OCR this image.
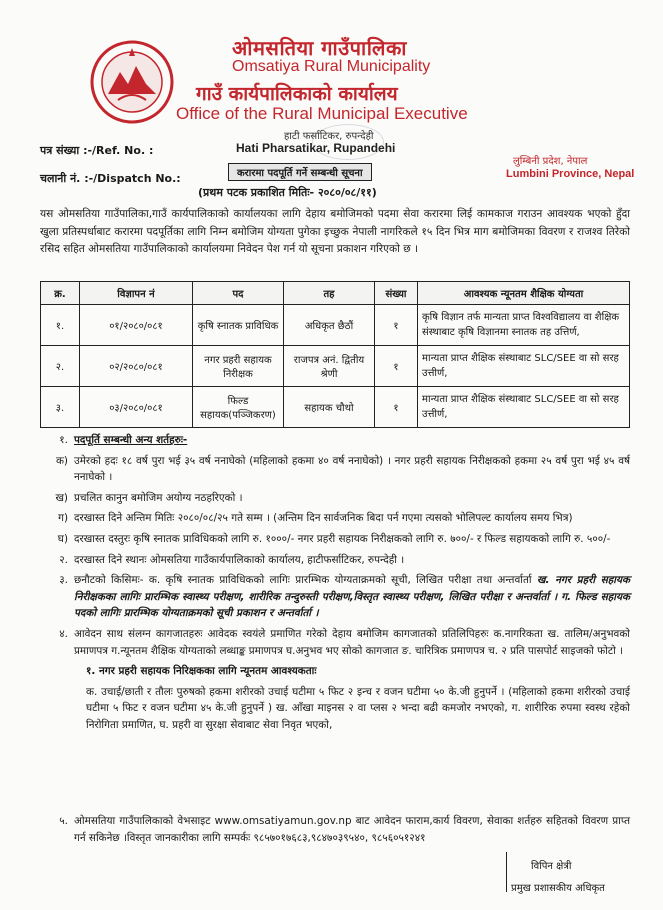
ओमसतिया गाउँपालिका
Omsatiya Rural Municipality
गाउँ कार्यपालिकाको कार्यालय
Office of the Rural Municipal Executive
हाटी फर्साटिकर, रुपन्देही
Hati Pharsatikar, Rupandehi
पत्र संख्या :-/Ref. No. :
चलानी नं. :-/Dispatch No.:
लुम्बिनी प्रदेश, नेपाल
Lumbini Province, Nepal
करारमा पदपूर्ति गर्ने सम्बन्धी सूचना
(प्रथम पटक प्रकाशित मितिः- २०८०/०८/११)
यस ओमसतिया गाउँपालिका,गाउँ कार्यपालिकाको कार्यालयका लागि देहाय बमोजिमको पदमा सेवा करारमा लिई कामकाज गराउन आवश्यक भएको हुँदा खुला प्रतिस्पर्धाबाट करारमा पदपूर्तिका लागि निम्न बमोजिम योग्यता पुगेका इच्छुक नेपाली नागरिकले १५ दिन भित्र माग बमोजिमका विवरण र राजश्व तिरेको रसिद सहित ओमसतिया गाउँपालिकाको कार्यालयमा निवेदन पेश गर्न यो सूचना प्रकाशन गरिएको छ ।
क्र.	विज्ञापन नं	पद	तह	संख्या	आवश्यक न्यूनतम शैक्षिक योग्यता
१.	०१/२०८०/०८१	कृषि स्नातक प्राविधिक	अधिकृत छैठौं	१	कृषि विज्ञान तर्फ मान्यता प्राप्त विश्वविद्यालय वा शैक्षिक संस्थाबाट कृषि विज्ञानमा स्नातक तह उत्तिर्ण,
२.	०२/२०८०/०८१	नगर प्रहरी सहायक निरीक्षक	राजपत्र अनं. द्वितीय श्रेणी	१	मान्यता प्राप्त शैक्षिक संस्थाबाट SLC/SEE वा सो सरह उत्तीर्ण,
३.	०३/२०८०/०८१	फिल्ड सहायक(पञ्जिकरण)	सहायक चौथो	१	मान्यता प्राप्त शैक्षिक संस्थाबाट SLC/SEE वा सो सरह उत्तीर्ण,
१. पदपूर्ति सम्बन्धी अन्य शर्तहरुः-
क) उमेरको हदः १८ वर्ष पुरा भई ३५ वर्ष ननाघेको (महिलाको हकमा ४० वर्ष ननाघेको) । नगर प्रहरी सहायक निरीक्षकको हकमा २५ वर्ष पुरा भई ४५ वर्ष ननाघेको ।
ख) प्रचलित कानुन बमोजिम अयोग्य नठहरिएको ।
ग) दरखास्त दिने अन्तिम मितिः २०८०/०८/२५ गते सम्म । (अन्तिम दिन सार्वजनिक बिदा पर्न गएमा त्यसको भोलिपल्ट कार्यालय समय भित्र)
घ) दरखास्त दस्तुरः कृषि स्नातक प्राविधिकको लागि रु. १०००/- नगर प्रहरी सहायक निरीक्षकको लागि रु. ७००/- र फिल्ड सहायकको लागि रु. ५००/-
२. दरखास्त दिने स्थानः ओमसतिया गाउँकार्यपालिकाको कार्यालय, हाटीफर्साटिकर, रुपन्देही ।
३. छनौटको किसिमः- क. कृषि स्नातक प्राविधिकको लागिः प्रारम्भिक योग्यताक्रमको सूची, लिखित परीक्षा तथा अन्तर्वार्ता ख. नगर प्रहरी सहायक निरीक्षकका लागिः प्रारम्भिक स्वास्थ्य परीक्षण, शारीरिक तन्दुरुस्ती परीक्षण,विस्तृत स्वास्थ्य परीक्षण, लिखित परीक्षा र अन्तर्वार्ता । ग. फिल्ड सहायक पदको लागिः प्रारम्भिक योग्यताक्रमको सूची प्रकाशन र अन्तर्वार्ता ।
४. आवेदन साथ संलग्न कागजातहरुः आवेदक स्वयंले प्रमाणित गरेको देहाय बमोजिम कागजातको प्रतिलिपिहरुः क.नागरिकता ख. तालिम/अनुभवको प्रमाणपत्र ग.न्यूनतम शैक्षिक योग्यताको लब्धाङ्क प्रमाणपत्र घ.अनुभव भए सोको कागजात ङ. चारित्रिक प्रमाणपत्र च. २ प्रति पासपोर्ट साइजको फोटो ।
१. नगर प्रहरी सहायक निरिक्षकका लागि न्यूनतम आवश्यकताः
क. उचाई/छाती र तौलः पुरुषको हकमा शरीरको उचाई घटीमा ५ फिट २ इन्च र वजन घटीमा ५० के.जी हुनुपर्ने । (महिलाको हकमा शरीरको उचाई घटीमा ५ फिट र वजन घटीमा ४५ के.जी हुनुपर्ने ) ख. आँखा माइनस २ वा प्लस २ भन्दा बढी कमजोर नभएको, ग. शारीरिक रुपमा स्वस्थ रहेको निरोगिता प्रमाणित, घ. प्रहरी वा सुरक्षा सेवाबाट सेवा निवृत भएको,
५. ओमसतिया गाउँपालिकाको वेभसाइट www.omsatiyamun.gov.np बाट आवेदन फाराम,कार्य विवरण, सेवाका शर्तहरु सहितको विवरण प्राप्त गर्न सकिनेछ ।विस्तृत जानकारीका लागि सम्पर्कः ९८५७०१७६८३,९८४७०३९५४०, ९८५६०५१२४१
विपिन क्षेत्री
प्रमुख प्रशासकीय अधिकृत
